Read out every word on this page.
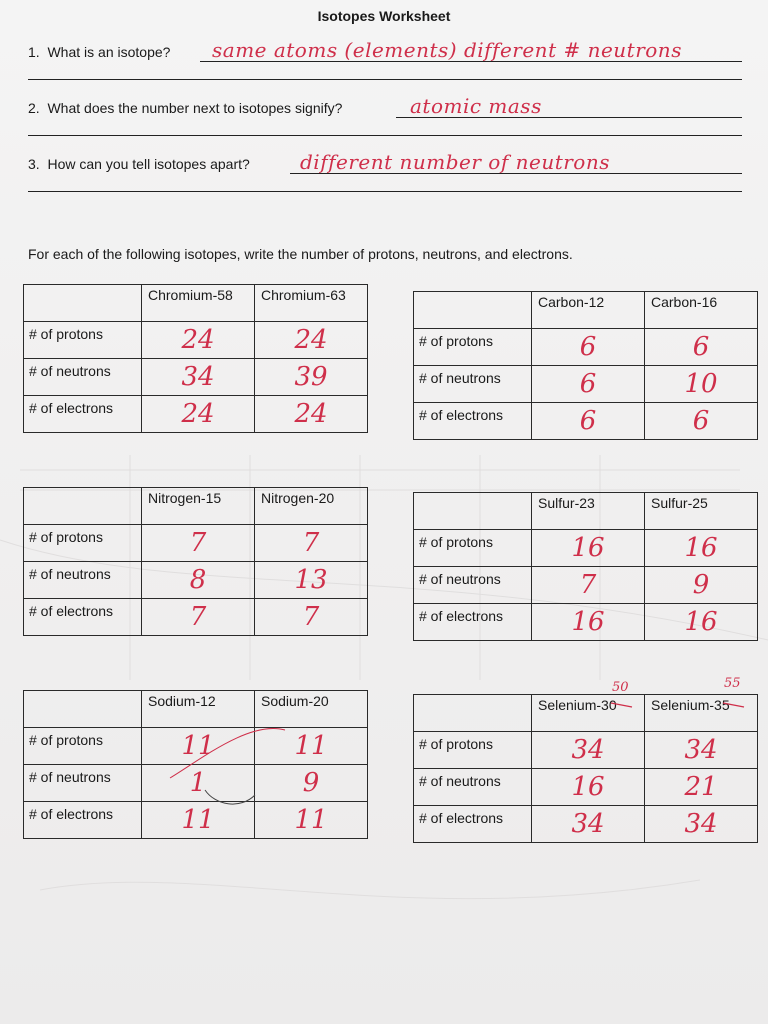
Isotopes Worksheet
1. What is an isotope? same atoms (elements) different # neutrons
2. What does the number next to isotopes signify?	atomic mass
3. How can you tell isotopes apart?	different number of neutrons
For each of the following isotopes, write the number of protons, neutrons, and electrons.
	Chromium-58	Chromium-63
# of protons	24	24
# of neutrons	34	39
# of electrons	24	24
	Carbon-12	Carbon-16
# of protons	6	6
# of neutrons	6	10
# of electrons	6	6
	Nitrogen-15	Nitrogen-20
# of protons	7	7
# of neutrons	8	13
# of electrons	7	7
	Sulfur-23	Sulfur-25
# of protons	16	16
# of neutrons	7	9
# of electrons	16	16
	Sodium-12	Sodium-20
# of protons	11	11
# of neutrons	1	9
# of electrons	11	11
	Selenium-30	Selenium-35
# of protons	34	34
# of neutrons	16	21
# of electrons	34	34
50	55
